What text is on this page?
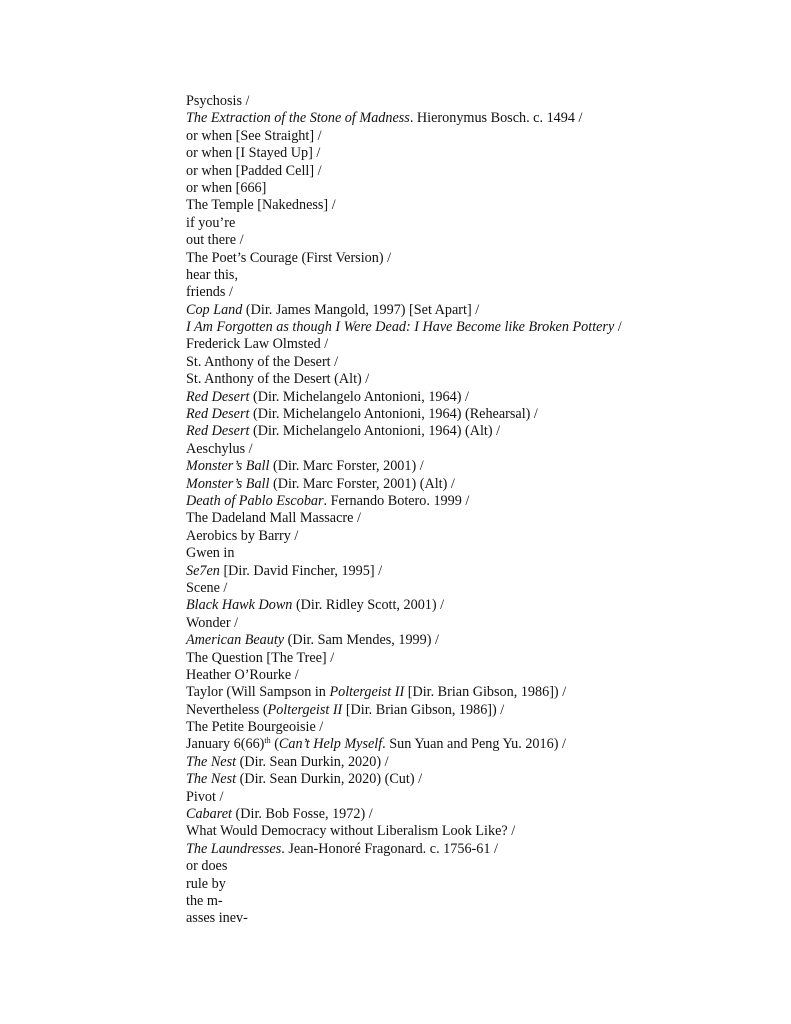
Psychosis /
The Extraction of the Stone of Madness. Hieronymus Bosch. c. 1494 /
or when [See Straight] /
or when [I Stayed Up] /
or when [Padded Cell] /
or when [666]
The Temple [Nakedness] /
if you’re
out there /
The Poet’s Courage (First Version) /
hear this,
friends /
Cop Land (Dir. James Mangold, 1997) [Set Apart] /
I Am Forgotten as though I Were Dead: I Have Become like Broken Pottery /
Frederick Law Olmsted /
St. Anthony of the Desert /
St. Anthony of the Desert (Alt) /
Red Desert (Dir. Michelangelo Antonioni, 1964) /
Red Desert (Dir. Michelangelo Antonioni, 1964) (Rehearsal) /
Red Desert (Dir. Michelangelo Antonioni, 1964) (Alt) /
Aeschylus /
Monster’s Ball (Dir. Marc Forster, 2001) /
Monster’s Ball (Dir. Marc Forster, 2001) (Alt) /
Death of Pablo Escobar. Fernando Botero. 1999 /
The Dadeland Mall Massacre /
Aerobics by Barry /
Gwen in
Se7en [Dir. David Fincher, 1995] /
Scene /
Black Hawk Down (Dir. Ridley Scott, 2001) /
Wonder /
American Beauty (Dir. Sam Mendes, 1999) /
The Question [The Tree] /
Heather O’Rourke /
Taylor (Will Sampson in Poltergeist II [Dir. Brian Gibson, 1986]) /
Nevertheless (Poltergeist II [Dir. Brian Gibson, 1986]) /
The Petite Bourgeoisie /
January $6(66)^{th}$ (Can’t Help Myself. Sun Yuan and Peng Yu. 2016) /
The Nest (Dir. Sean Durkin, 2020) /
The Nest (Dir. Sean Durkin, 2020) (Cut) /
Pivot /
Cabaret (Dir. Bob Fosse, 1972) /
What Would Democracy without Liberalism Look Like? /
The Laundresses. Jean-Honoré Fragonard. c. 1756-61 /
or does
rule by
the m-
asses inev-
